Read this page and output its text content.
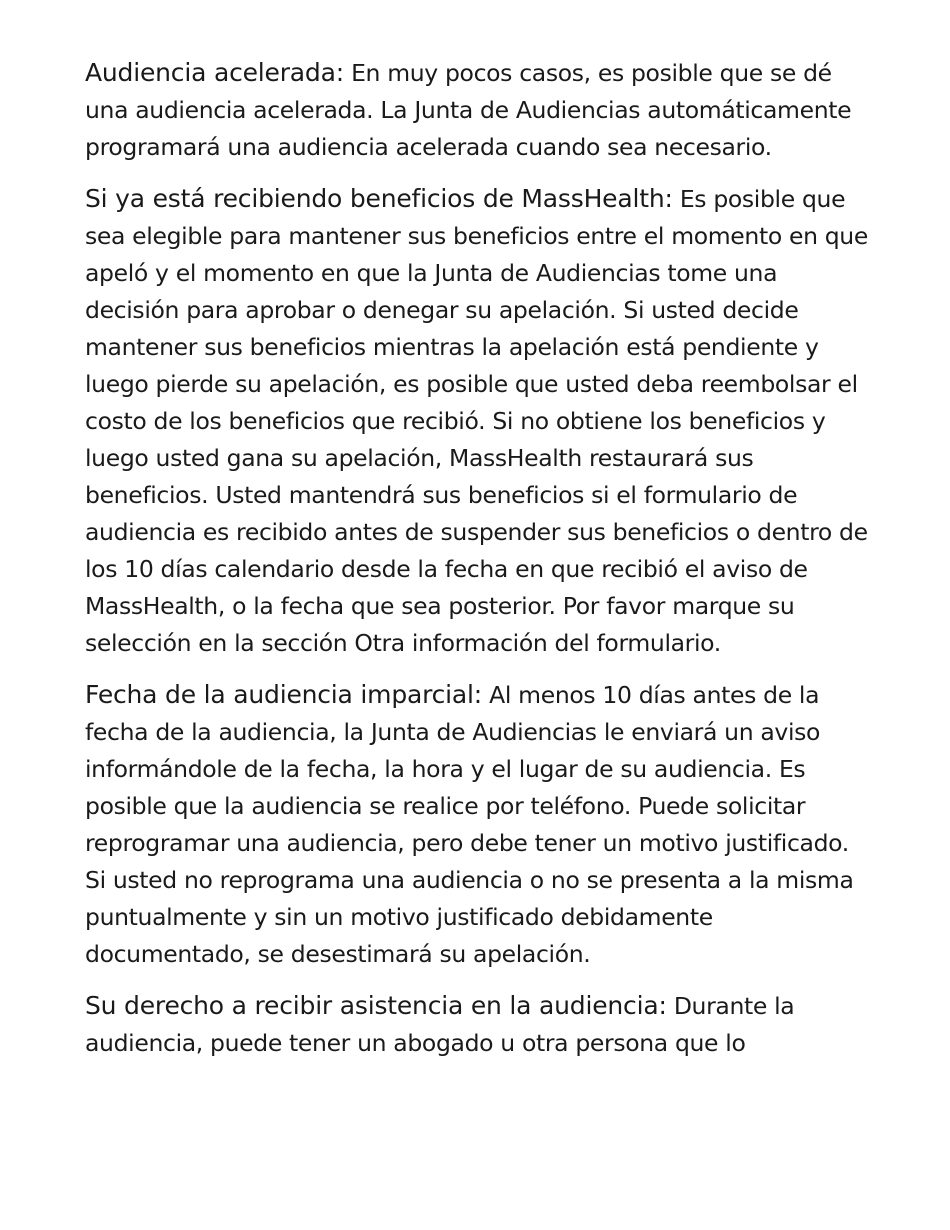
Audiencia acelerada: En muy pocos casos, es posible que se dé una audiencia acelerada. La Junta de Audiencias automáticamente programará una audiencia acelerada cuando sea necesario.

Si ya está recibiendo beneficios de MassHealth: Es posible que sea elegible para mantener sus beneficios entre el momento en que apeló y el momento en que la Junta de Audiencias tome una decisión para aprobar o denegar su apelación. Si usted decide mantener sus beneficios mientras la apelación está pendiente y luego pierde su apelación, es posible que usted deba reembolsar el costo de los beneficios que recibió. Si no obtiene los beneficios y luego usted gana su apelación, MassHealth restaurará sus beneficios. Usted mantendrá sus beneficios si el formulario de audiencia es recibido antes de suspender sus beneficios o dentro de los 10 días calendario desde la fecha en que recibió el aviso de MassHealth, o la fecha que sea posterior. Por favor marque su selección en la sección Otra información del formulario.

Fecha de la audiencia imparcial: Al menos 10 días antes de la fecha de la audiencia, la Junta de Audiencias le enviará un aviso informándole de la fecha, la hora y el lugar de su audiencia. Es posible que la audiencia se realice por teléfono. Puede solicitar reprogramar una audiencia, pero debe tener un motivo justificado. Si usted no reprograma una audiencia o no se presenta a la misma puntualmente y sin un motivo justificado debidamente documentado, se desestimará su apelación.

Su derecho a recibir asistencia en la audiencia: Durante la audiencia, puede tener un abogado u otra persona que lo
